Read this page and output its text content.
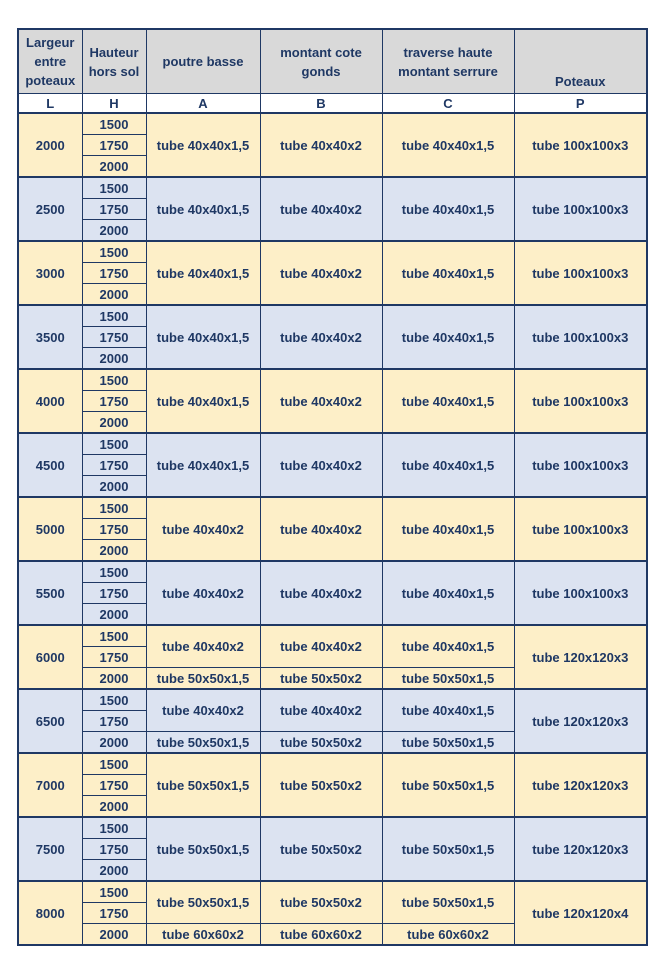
Largeur entre poteaux	Hauteur hors sol	poutre basse	montant cote gonds	traverse haute montant serrure	Poteaux
L	H	A	B	C	P
2000	1500	tube 40x40x1,5	tube 40x40x2	tube 40x40x1,5	tube 100x100x3
	1750				
	2000				
2500	1500	tube 40x40x1,5	tube 40x40x2	tube 40x40x1,5	tube 100x100x3
	1750				
	2000				
3000	1500	tube 40x40x1,5	tube 40x40x2	tube 40x40x1,5	tube 100x100x3
	1750				
	2000				
3500	1500	tube 40x40x1,5	tube 40x40x2	tube 40x40x1,5	tube 100x100x3
	1750				
	2000				
4000	1500	tube 40x40x1,5	tube 40x40x2	tube 40x40x1,5	tube 100x100x3
	1750				
	2000				
4500	1500	tube 40x40x1,5	tube 40x40x2	tube 40x40x1,5	tube 100x100x3
	1750				
	2000				
5000	1500	tube 40x40x2	tube 40x40x2	tube 40x40x1,5	tube 100x100x3
	1750				
	2000				
5500	1500	tube 40x40x2	tube 40x40x2	tube 40x40x1,5	tube 100x100x3
	1750				
	2000				
6000	1500	tube 40x40x2	tube 40x40x2	tube 40x40x1,5	tube 120x120x3
	1750				
	2000	tube 50x50x1,5	tube 50x50x2	tube 50x50x1,5	
6500	1500	tube 40x40x2	tube 40x40x2	tube 40x40x1,5	tube 120x120x3
	1750				
	2000	tube 50x50x1,5	tube 50x50x2	tube 50x50x1,5	
7000	1500	tube 50x50x1,5	tube 50x50x2	tube 50x50x1,5	tube 120x120x3
	1750				
	2000				
7500	1500	tube 50x50x1,5	tube 50x50x2	tube 50x50x1,5	tube 120x120x3
	1750				
	2000				
8000	1500	tube 50x50x1,5	tube 50x50x2	tube 50x50x1,5	tube 120x120x4
	1750				
	2000	tube 60x60x2	tube 60x60x2	tube 60x60x2	
